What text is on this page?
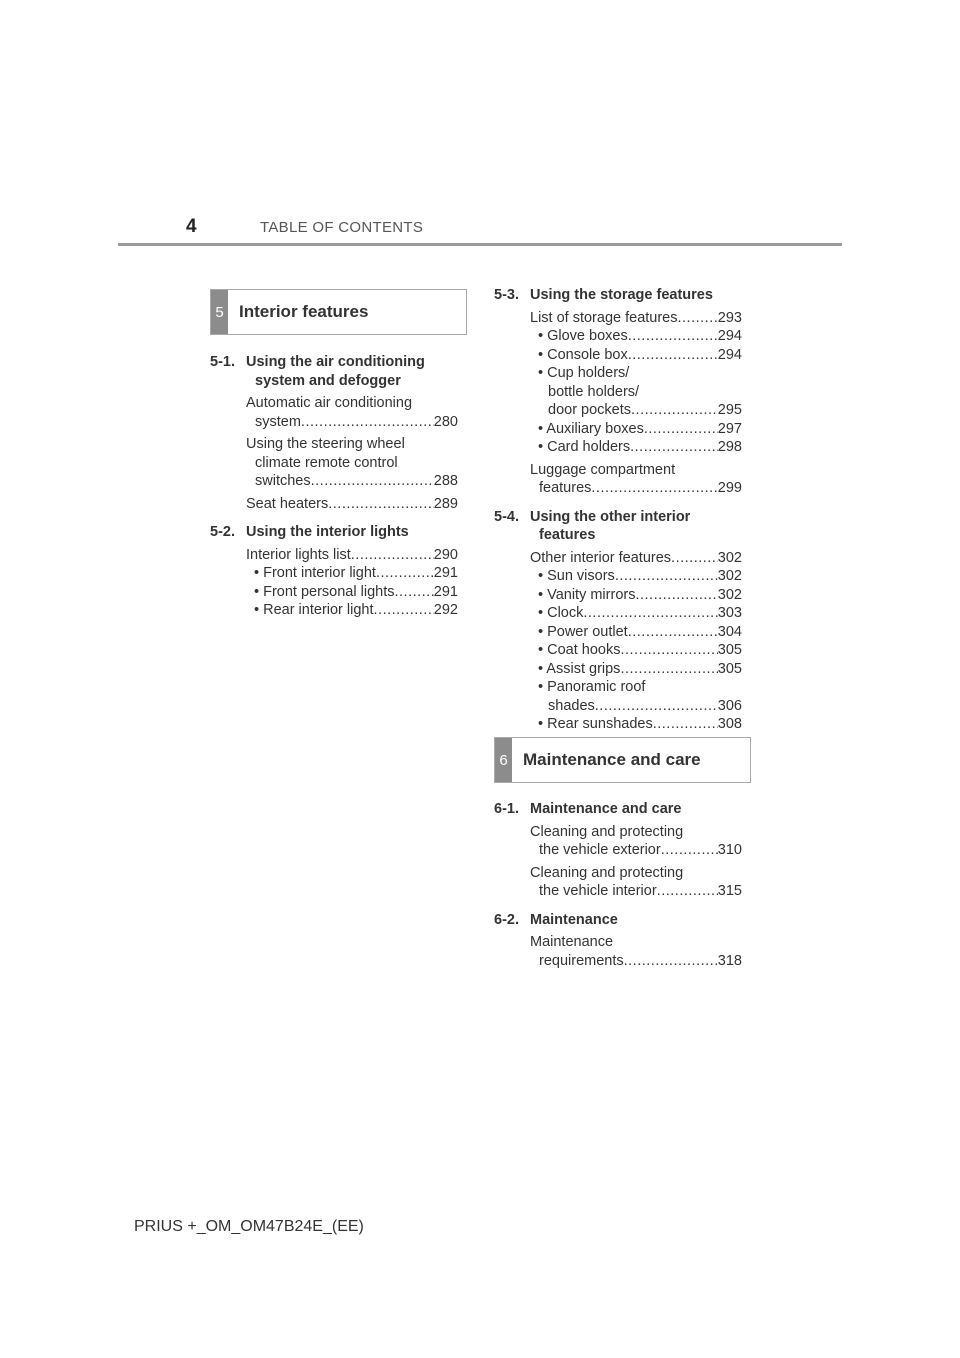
4	TABLE OF CONTENTS
5 Interior features
5-1. Using the air conditioning
system and defogger
Automatic air conditioning
system .....	280
Using the steering wheel
climate remote control
switches .....	288
Seat heaters .....	289
5-2. Using the interior lights
Interior lights list .....	290
• Front interior light .....	291
• Front personal lights .....	291
• Rear interior light .....	292
5-3. Using the storage features
List of storage features .....	293
• Glove boxes .....	294
• Console box .....	294
• Cup holders/
bottle holders/
door pockets .....	295
• Auxiliary boxes .....	297
• Card holders .....	298
Luggage compartment
features .....	299
5-4. Using the other interior
features
Other interior features .....	302
• Sun visors .....	302
• Vanity mirrors .....	302
• Clock .....	303
• Power outlet .....	304
• Coat hooks .....	305
• Assist grips .....	305
• Panoramic roof
shades .....	306
• Rear sunshades .....	308
6 Maintenance and care
6-1. Maintenance and care
Cleaning and protecting
the vehicle exterior .....	310
Cleaning and protecting
the vehicle interior .....	315
6-2. Maintenance
Maintenance
requirements .....	318
PRIUS +_OM_OM47B24E_(EE)
